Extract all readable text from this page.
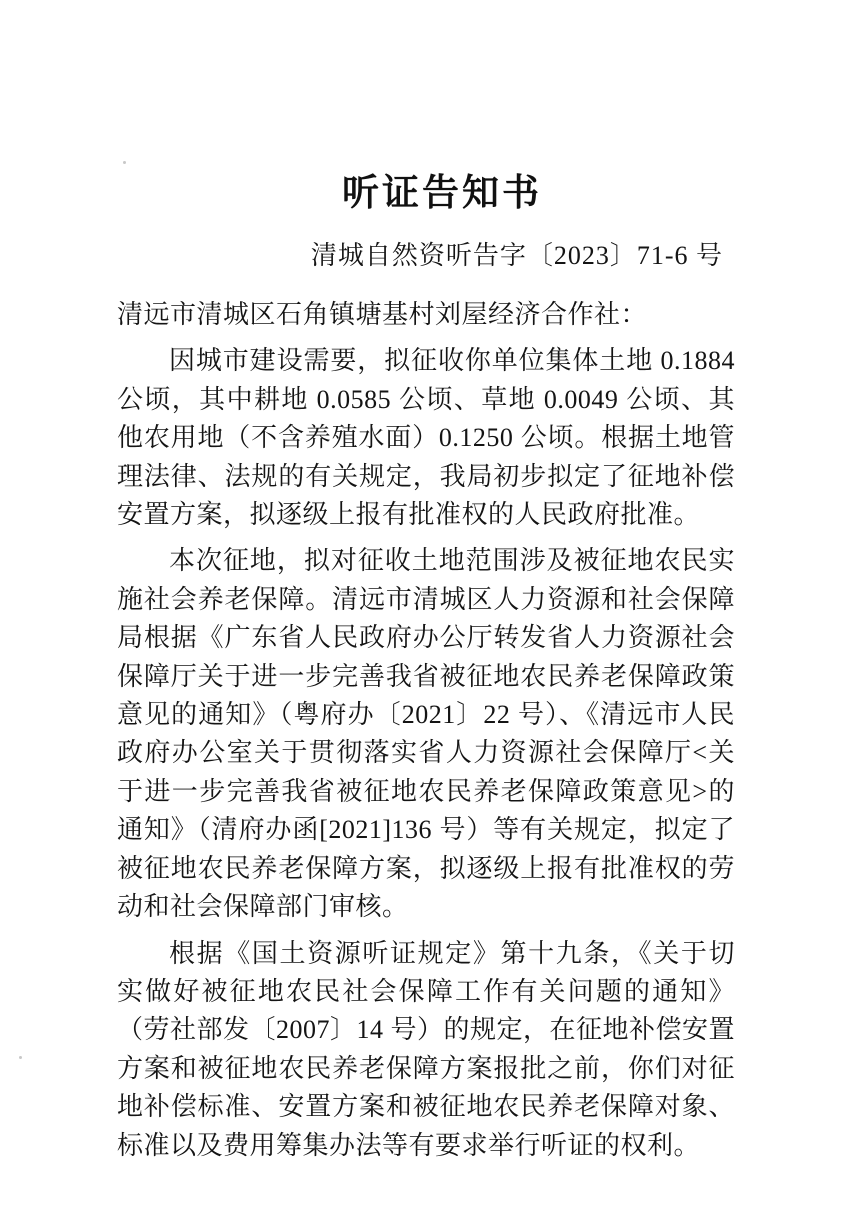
听证告知书
清城自然资听告字〔2023〕71-6 号

清远市清城区石角镇塘基村刘屋经济合作社：

因城市建设需要，拟征收你单位集体土地 0.1884 公顷，其中耕地 0.0585 公顷、草地 0.0049 公顷、其他农用地（不含养殖水面）0.1250 公顷。根据土地管理法律、法规的有关规定，我局初步拟定了征地补偿安置方案，拟逐级上报有批准权的人民政府批准。

本次征地，拟对征收土地范围涉及被征地农民实施社会养老保障。清远市清城区人力资源和社会保障局根据《广东省人民政府办公厅转发省人力资源社会保障厅关于进一步完善我省被征地农民养老保障政策意见的通知》（粤府办〔2021〕22 号）、《清远市人民政府办公室关于贯彻落实省人力资源社会保障厅<关于进一步完善我省被征地农民养老保障政策意见>的通知》（清府办函[2021]136 号）等有关规定，拟定了被征地农民养老保障方案，拟逐级上报有批准权的劳动和社会保障部门审核。

根据《国土资源听证规定》第十九条，《关于切实做好被征地农民社会保障工作有关问题的通知》（劳社部发〔2007〕14 号）的规定，在征地补偿安置方案和被征地农民养老保障方案报批之前，你们对征地补偿标准、安置方案和被征地农民养老保障对象、标准以及费用筹集办法等有要求举行听证的权利。
